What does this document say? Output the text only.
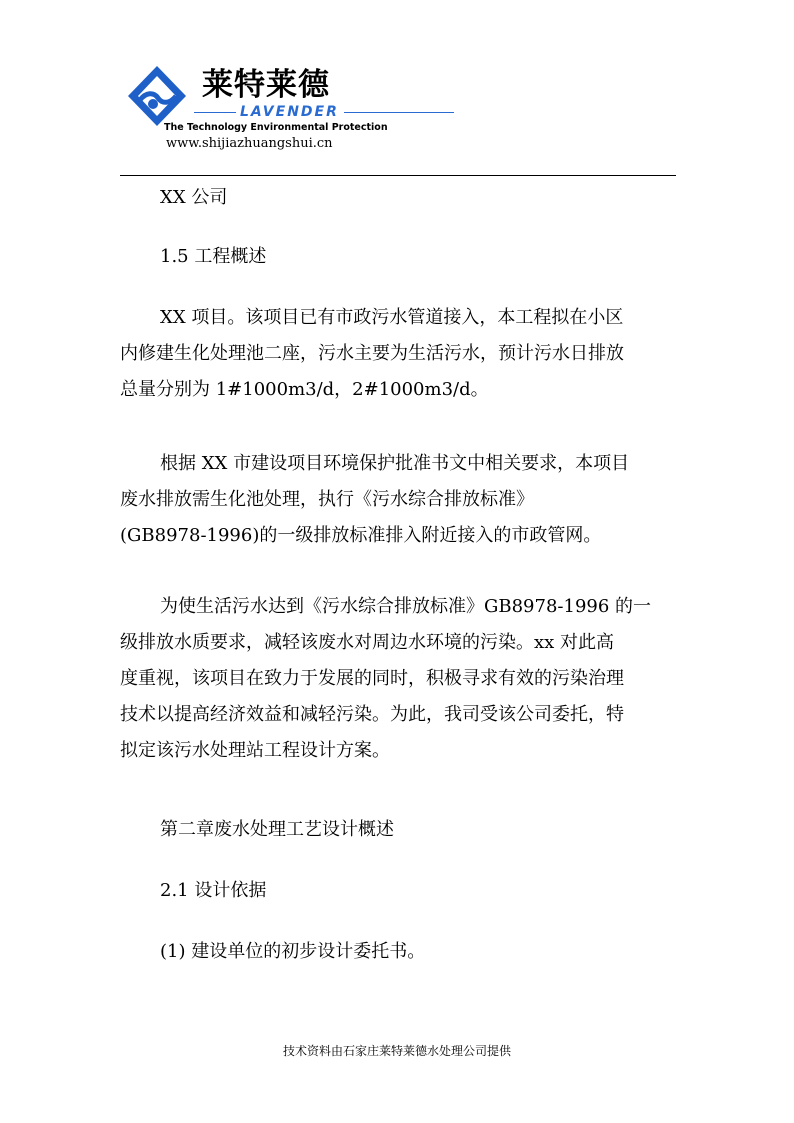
莱特莱德
LAVENDER
The Technology Environmental Protection
www.shijiazhuangshui.cn
XX 公司
1.5 工程概述
XX 项目。该项目已有市政污水管道接入，本工程拟在小区
内修建生化处理池二座，污水主要为生活污水，预计污水日排放
总量分别为 1#1000m3/d，2#1000m3/d。
根据 XX 市建设项目环境保护批准书文中相关要求，本项目
废水排放需生化池处理，执行《污水综合排放标准》
(GB8978-1996)的一级排放标准排入附近接入的市政管网。
为使生活污水达到《污水综合排放标准》GB8978-1996 的一
级排放水质要求，减轻该废水对周边水环境的污染。xx 对此高
度重视，该项目在致力于发展的同时，积极寻求有效的污染治理
技术以提高经济效益和减轻污染。为此，我司受该公司委托，特
拟定该污水处理站工程设计方案。
第二章废水处理工艺设计概述
2.1 设计依据
(1) 建设单位的初步设计委托书。
技术资料由石家庄莱特莱德水处理公司提供
